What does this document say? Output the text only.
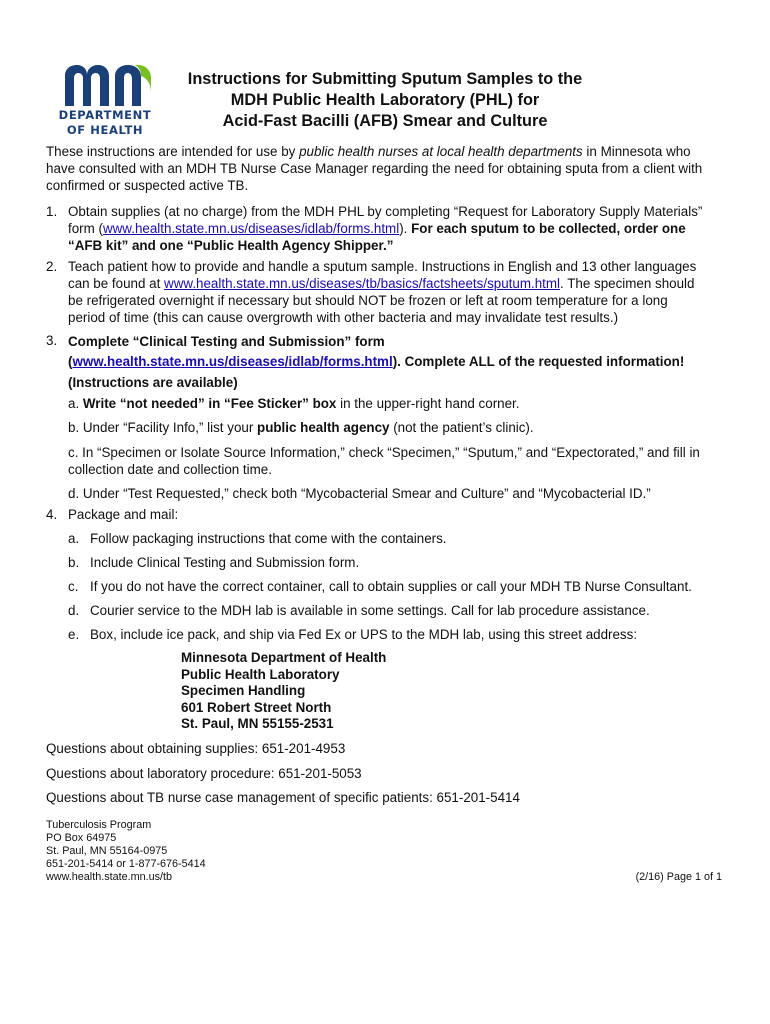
DEPARTMENT
OF HEALTH
Instructions for Submitting Sputum Samples to the
MDH Public Health Laboratory (PHL) for
Acid-Fast Bacilli (AFB) Smear and Culture
These instructions are intended for use by public health nurses at local health departments in Minnesota who
have consulted with an MDH TB Nurse Case Manager regarding the need for obtaining sputa from a client with
confirmed or suspected active TB.
1. Obtain supplies (at no charge) from the MDH PHL by completing “Request for Laboratory Supply Materials”
form (www.health.state.mn.us/diseases/idlab/forms.html). For each sputum to be collected, order one
“AFB kit” and one “Public Health Agency Shipper.”
2. Teach patient how to provide and handle a sputum sample. Instructions in English and 13 other languages
can be found at www.health.state.mn.us/diseases/tb/basics/factsheets/sputum.html. The specimen should
be refrigerated overnight if necessary but should NOT be frozen or left at room temperature for a long
period of time (this can cause overgrowth with other bacteria and may invalidate test results.)
3. Complete “Clinical Testing and Submission” form
(www.health.state.mn.us/diseases/idlab/forms.html). Complete ALL of the requested information!
(Instructions are available)
a. Write “not needed” in “Fee Sticker” box in the upper-right hand corner.
b. Under “Facility Info,” list your public health agency (not the patient’s clinic).
c. In “Specimen or Isolate Source Information,” check “Specimen,” “Sputum,” and “Expectorated,” and fill in
collection date and collection time.
d. Under “Test Requested,” check both “Mycobacterial Smear and Culture” and “Mycobacterial ID.”
4. Package and mail:
a. Follow packaging instructions that come with the containers.
b. Include Clinical Testing and Submission form.
c. If you do not have the correct container, call to obtain supplies or call your MDH TB Nurse Consultant.
d. Courier service to the MDH lab is available in some settings. Call for lab procedure assistance.
e. Box, include ice pack, and ship via Fed Ex or UPS to the MDH lab, using this street address:
Minnesota Department of Health
Public Health Laboratory
Specimen Handling
601 Robert Street North
St. Paul, MN 55155-2531
Questions about obtaining supplies: 651-201-4953
Questions about laboratory procedure: 651-201-5053
Questions about TB nurse case management of specific patients: 651-201-5414
Tuberculosis Program
PO Box 64975
St. Paul, MN 55164-0975
651-201-5414 or 1-877-676-5414
www.health.state.mn.us/tb	(2/16) Page 1 of 1
